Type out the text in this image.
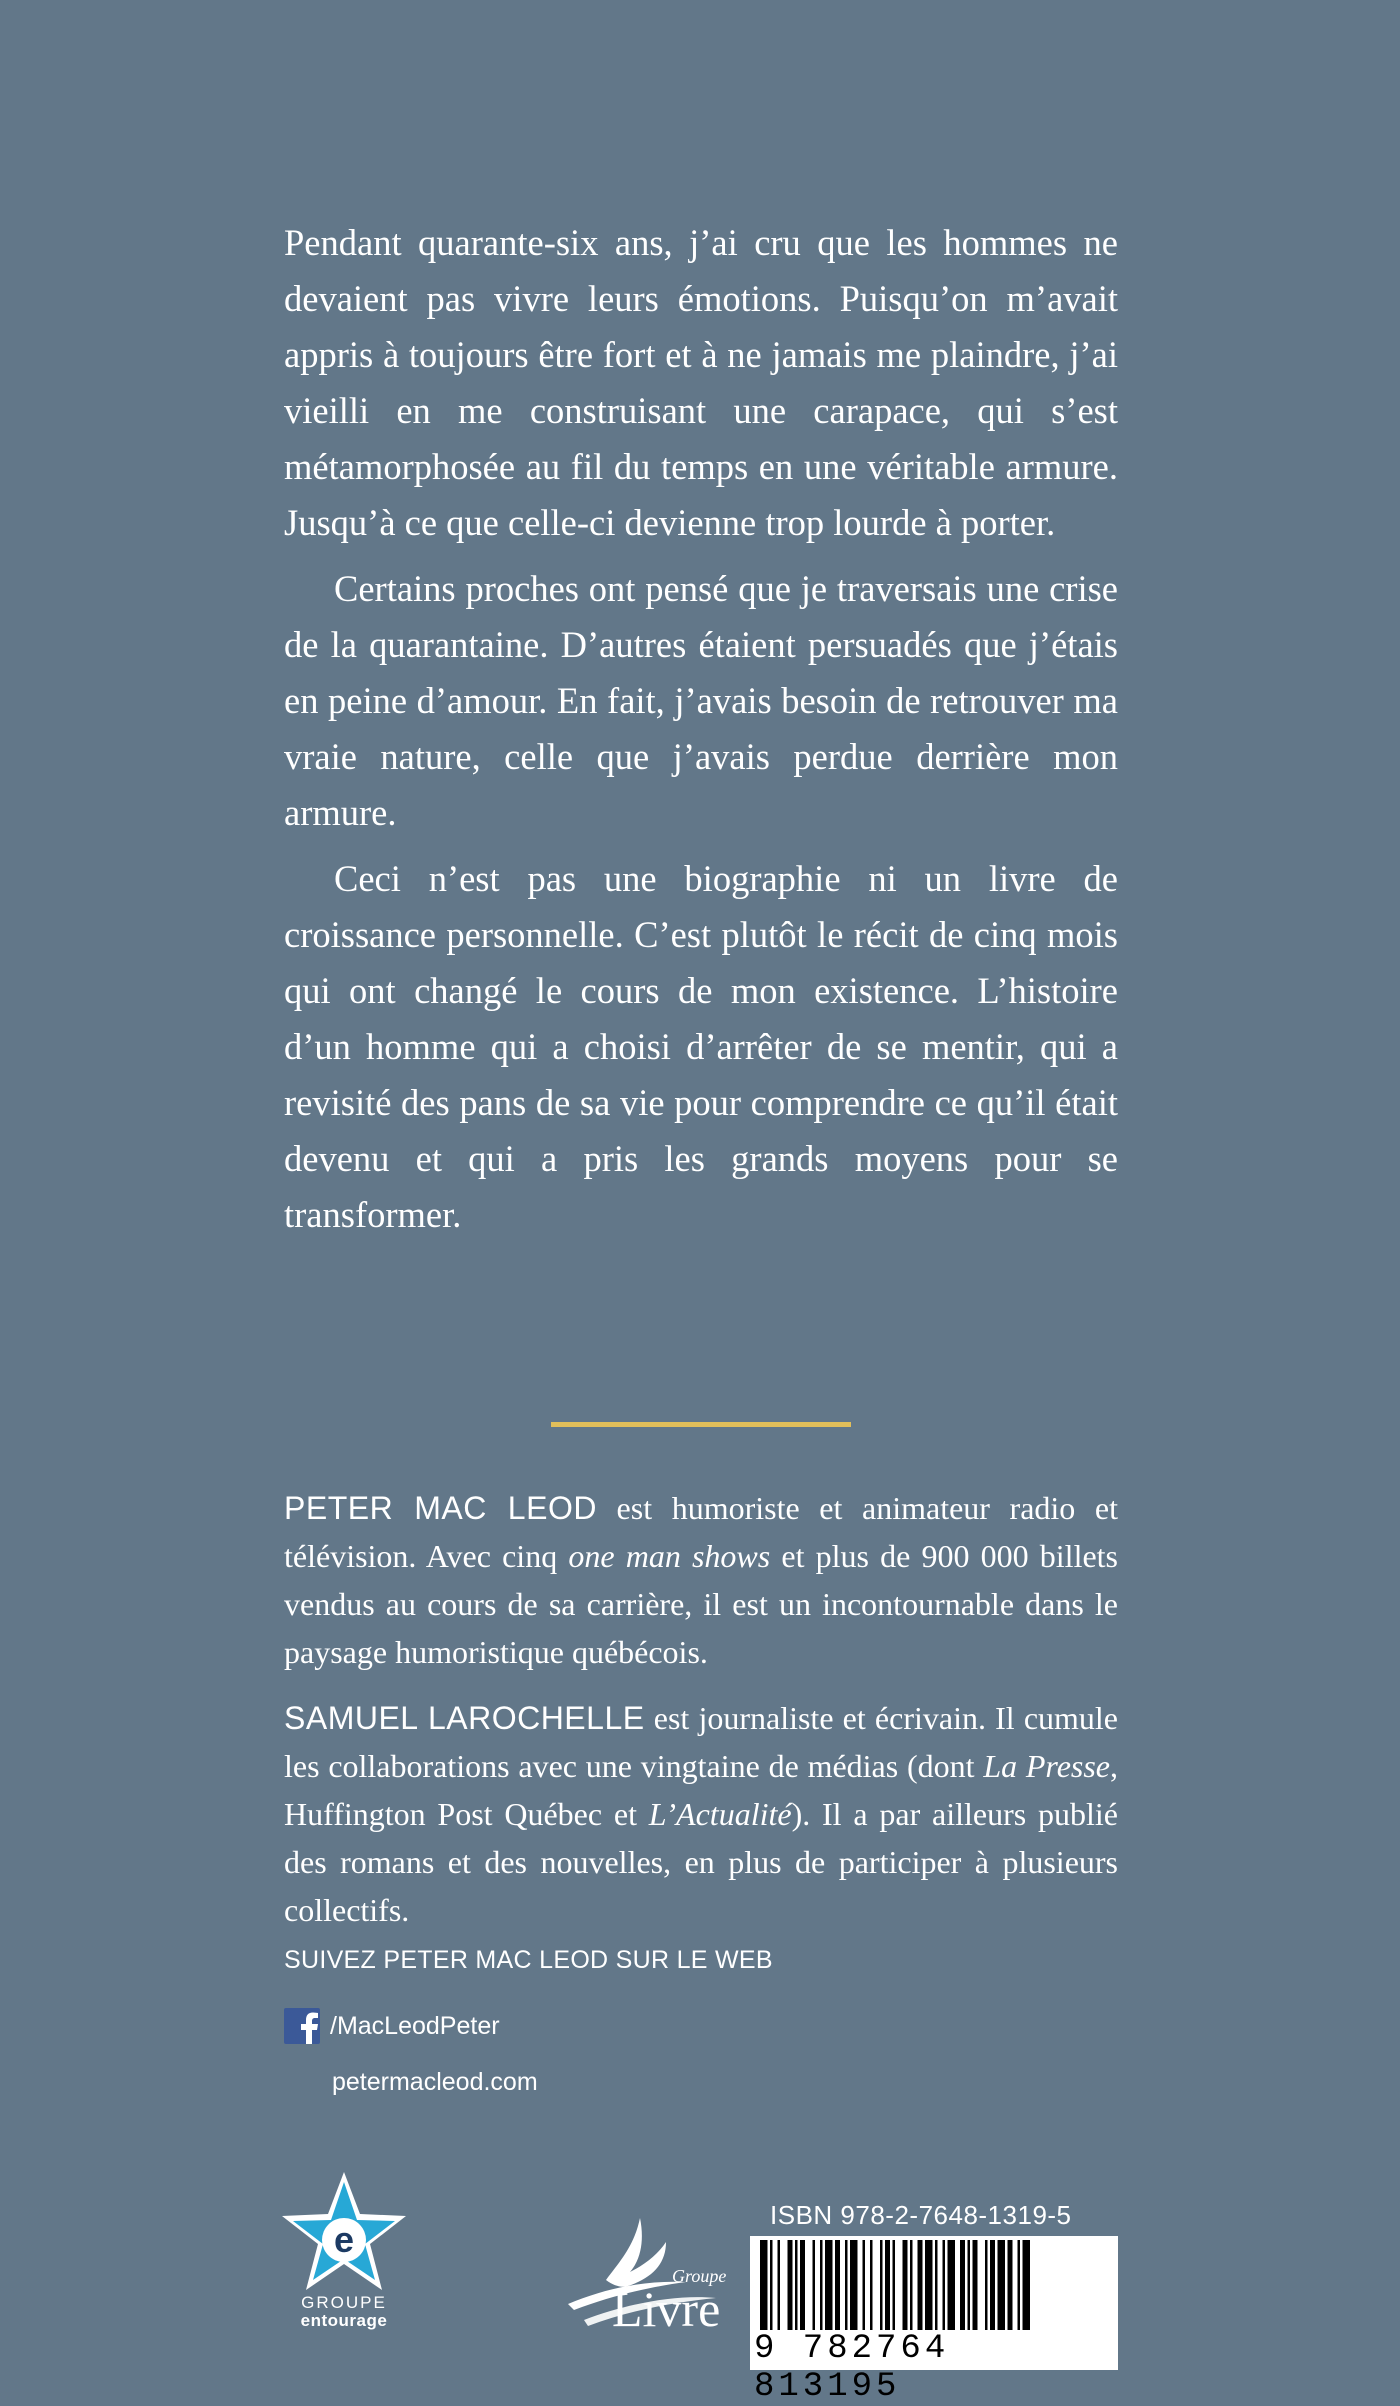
Pendant quarante-six ans, j’ai cru que les hommes ne devaient pas vivre leurs émotions. Puisqu’on m’avait appris à toujours être fort et à ne jamais me plaindre, j’ai vieilli en me construisant une carapace, qui s’est métamorphosée au fil du temps en une véritable armure. Jusqu’à ce que celle-ci devienne trop lourde à porter.

Certains proches ont pensé que je traversais une crise de la quarantaine. D’autres étaient persuadés que j’étais en peine d’amour. En fait, j’avais besoin de retrouver ma vraie nature, celle que j’avais perdue derrière mon armure.

Ceci n’est pas une biographie ni un livre de croissance personnelle. C’est plutôt le récit de cinq mois qui ont changé le cours de mon existence. L’histoire d’un homme qui a choisi d’arrêter de se mentir, qui a revisité des pans de sa vie pour comprendre ce qu’il était devenu et qui a pris les grands moyens pour se transformer.

PETER MAC LEOD est humoriste et animateur radio et télévision. Avec cinq one man shows et plus de 900 000 billets vendus au cours de sa carrière, il est un incontournable dans le paysage humoristique québécois.

SAMUEL LAROCHELLE est journaliste et écrivain. Il cumule les collaborations avec une vingtaine de médias (dont La Presse, Huffington Post Québec et L’Actualité). Il a par ailleurs publié des romans et des nouvelles, en plus de participer à plusieurs collectifs.

SUIVEZ PETER MAC LEOD SUR LE WEB
/MacLeodPeter
petermacleod.com
e
GROUPE
entourage
Groupe
Livre
ISBN 978-2-7648-1319-5
9 782764 813195
